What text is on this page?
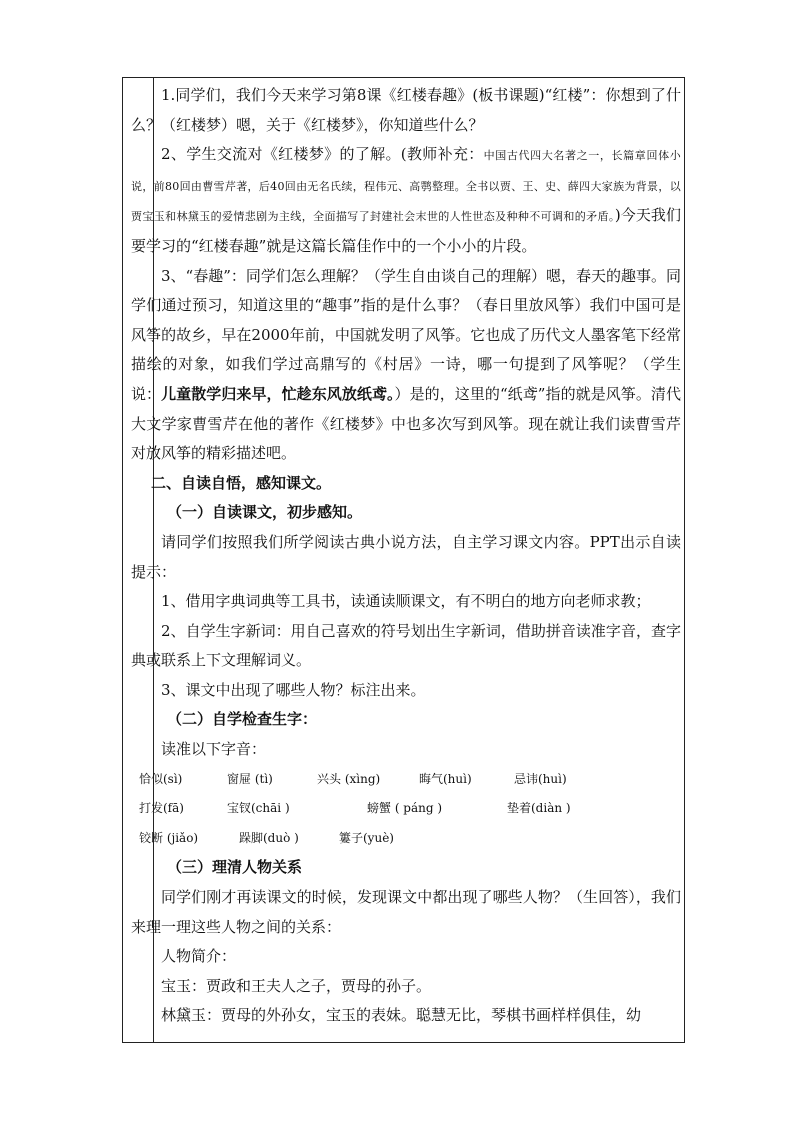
1.同学们，我们今天来学习第8课《红楼春趣》(板书课题)“红楼”：你想到了什么？（红楼梦）嗯，关于《红楼梦》，你知道些什么？

2、学生交流对《红楼梦》的了解。(教师补充：中国古代四大名著之一，长篇章回体小说，前80回由曹雪芹著，后40回由无名氏续，程伟元、高鹗整理。全书以贾、王、史、薛四大家族为背景，以贾宝玉和林黛玉的爱情悲剧为主线，全面描写了封建社会末世的人性世态及种种不可调和的矛盾。)今天我们要学习的“红楼春趣”就是这篇长篇佳作中的一个小小的片段。

3、“春趣”：同学们怎么理解？（学生自由谈自己的理解）嗯，春天的趣事。同学们通过预习，知道这里的“趣事”指的是什么事？（春日里放风筝）我们中国可是风筝的故乡，早在2000年前，中国就发明了风筝。它也成了历代文人墨客笔下经常描绘的对象，如我们学过高鼎写的《村居》一诗，哪一句提到了风筝呢？（学生说：儿童散学归来早，忙趁东风放纸鸢。）是的，这里的“纸鸢”指的就是风筝。清代大文学家曹雪芹在他的著作《红楼梦》中也多次写到风筝。现在就让我们读曹雪芹对放风筝的精彩描述吧。

二、自读自悟，感知课文。

（一）自读课文，初步感知。

请同学们按照我们所学阅读古典小说方法，自主学习课文内容。PPT出示自读提示：

1、借用字典词典等工具书，读通读顺课文，有不明白的地方向老师求教；

2、自学生字新词：用自己喜欢的符号划出生字新词，借助拼音读准字音，查字典或联系上下文理解词义。

3、课文中出现了哪些人物？标注出来。

（二）自学检查生字：

读准以下字音：

恰似(sì)	窗屉 (tì)	兴头 (xìng)	晦气(huì)	忌讳(huì)

打发(fā)	宝钗(chāi )	螃蟹 ( páng )	垫着(diàn )

铰断 (jiǎo)	跺脚(duò )	簍子(yuè)

（三）理清人物关系

同学们刚才再读课文的时候，发现课文中都出现了哪些人物？（生回答），我们来理一理这些人物之间的关系：

人物简介：

宝玉：贾政和王夫人之子，贾母的孙子。

林黛玉：贾母的外孙女，宝玉的表妹。聪慧无比，琴棋书画样样俱佳，幼
